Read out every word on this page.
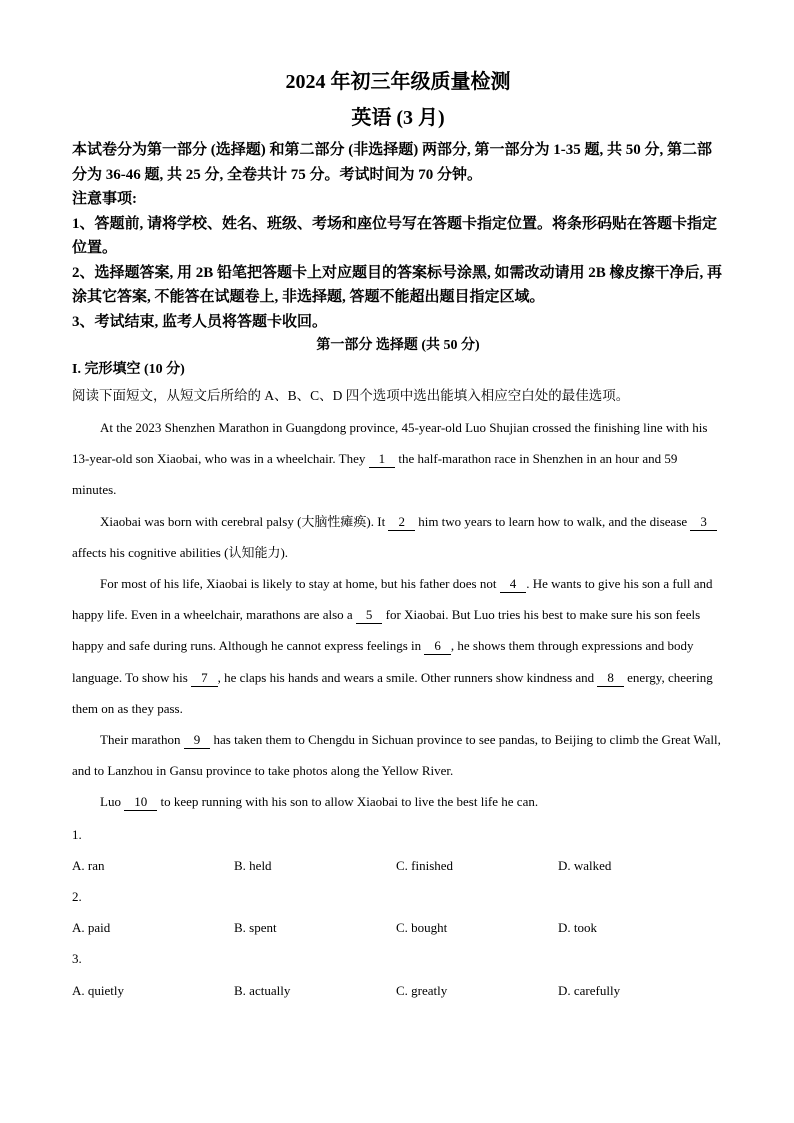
2024 年初三年级质量检测
英语 (3 月)

本试卷分为第一部分 (选择题) 和第二部分 (非选择题) 两部分, 第一部分为 1-35 题, 共 50 分, 第二部分为 36-46 题, 共 25 分, 全卷共计 75 分。考试时间为 70 分钟。

注意事项:

1、答题前, 请将学校、姓名、班级、考场和座位号写在答题卡指定位置。将条形码贴在答题卡指定位置。

2、选择题答案, 用 2B 铅笔把答题卡上对应题目的答案标号涂黑, 如需改动请用 2B 橡皮擦干净后, 再涂其它答案, 不能答在试题卷上, 非选择题, 答题不能超出题目指定区域。

3、考试结束, 监考人员将答题卡收回。

第一部分 选择题 (共 50 分)
I. 完形填空 (10 分)

阅读下面短文，从短文后所给的 A、B、C、D 四个选项中选出能填入相应空白处的最佳选项。

At the 2023 Shenzhen Marathon in Guangdong province, 45-year-old Luo Shujian crossed the finishing line with his 13-year-old son Xiaobai, who was in a wheelchair. They 1 the half-marathon race in Shenzhen in an hour and 59 minutes.

Xiaobai was born with cerebral palsy (大脑性瘫痪). It 2 him two years to learn how to walk, and the disease 3 affects his cognitive abilities (认知能力).

For most of his life, Xiaobai is likely to stay at home, but his father does not 4 . He wants to give his son a full and happy life. Even in a wheelchair, marathons are also a 5 for Xiaobai. But Luo tries his best to make sure his son feels happy and safe during runs. Although he cannot express feelings in 6 , he shows them through expressions and body language. To show his 7 , he claps his hands and wears a smile. Other runners show kindness and 8 energy, cheering them on as they pass.

Their marathon 9 has taken them to Chengdu in Sichuan province to see pandas, to Beijing to climb the Great Wall, and to Lanzhou in Gansu province to take photos along the Yellow River.

Luo 10 to keep running with his son to allow Xiaobai to live the best life he can.

1.
A. ran	B. held	C. finished	D. walked
2.
A. paid	B. spent	C. bought	D. took
3.
A. quietly	B. actually	C. greatly	D. carefully
